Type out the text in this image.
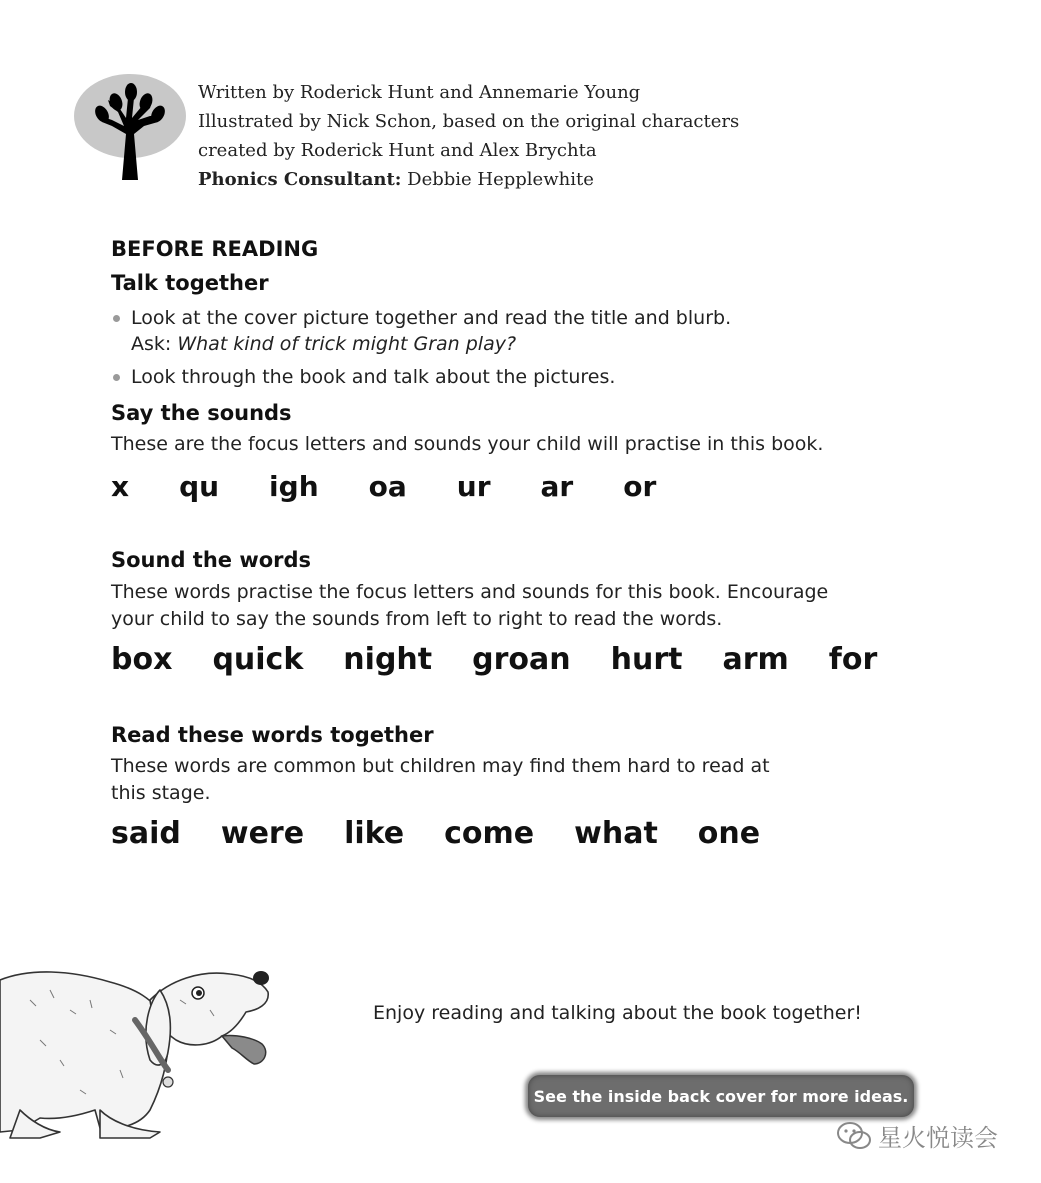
Written by Roderick Hunt and Annemarie Young
Illustrated by Nick Schon, based on the original characters
created by Roderick Hunt and Alex Brychta
Phonics Consultant: Debbie Hepplewhite
BEFORE READING
Talk together
Look at the cover picture together and read the title and blurb.
Ask: What kind of trick might Gran play?
Look through the book and talk about the pictures.
Say the sounds
These are the focus letters and sounds your child will practise in this book.
x qu igh oa ur ar or
Sound the words
These words practise the focus letters and sounds for this book. Encourage
your child to say the sounds from left to right to read the words.
box quick night groan hurt arm for
Read these words together
These words are common but children may find them hard to read at
this stage.
said were like come what one
Enjoy reading and talking about the book together!
See the inside back cover for more ideas.
星火悦读会
